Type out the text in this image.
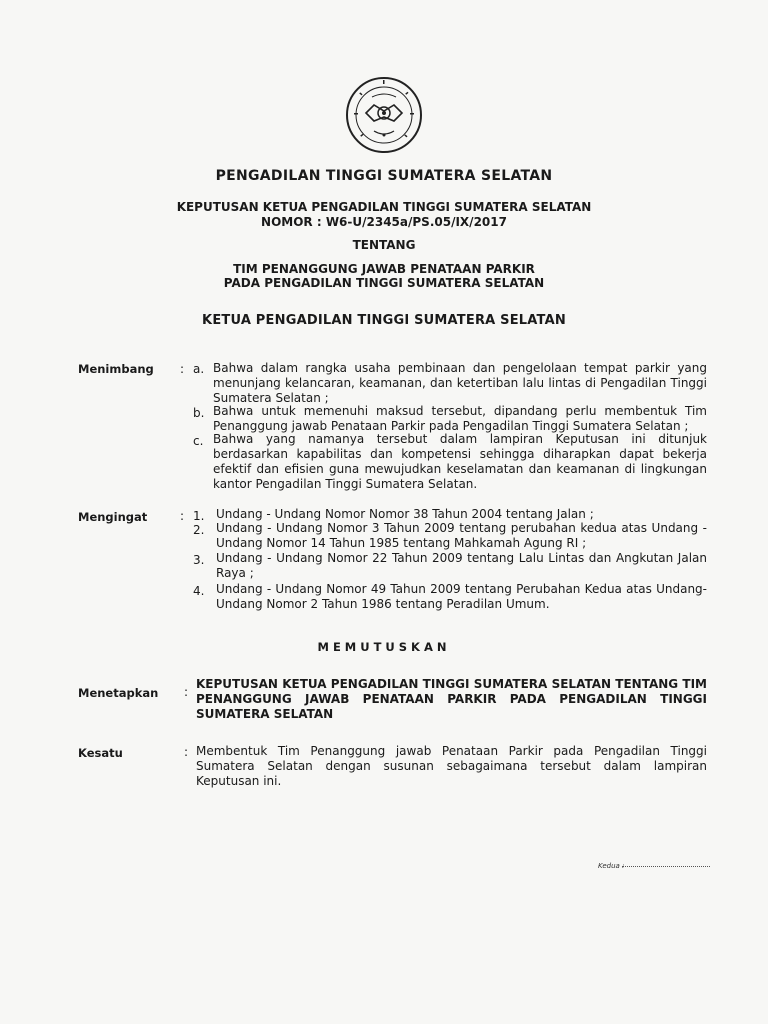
PENGADILAN TINGGI SUMATERA SELATAN
KEPUTUSAN KETUA PENGADILAN TINGGI SUMATERA SELATAN
NOMOR : W6-U/2345a/PS.05/IX/2017
TENTANG
TIM PENANGGUNG JAWAB PENATAAN PARKIR
PADA PENGADILAN TINGGI SUMATERA SELATAN
KETUA PENGADILAN TINGGI SUMATERA SELATAN
Menimbang : a. Bahwa dalam rangka usaha pembinaan dan pengelolaan tempat parkir yang menunjang kelancaran, keamanan, dan ketertiban lalu lintas di Pengadilan Tinggi Sumatera Selatan ;
b. Bahwa untuk memenuhi maksud tersebut, dipandang perlu membentuk Tim Penanggung jawab Penataan Parkir pada Pengadilan Tinggi Sumatera Selatan ;
c. Bahwa yang namanya tersebut dalam lampiran Keputusan ini ditunjuk berdasarkan kapabilitas dan kompetensi sehingga diharapkan dapat bekerja efektif dan efisien guna mewujudkan keselamatan dan keamanan di lingkungan kantor Pengadilan Tinggi Sumatera Selatan.
Mengingat	: 1. Undang - Undang Nomor Nomor 38 Tahun 2004 tentang Jalan ;
2. Undang - Undang Nomor 3 Tahun 2009 tentang perubahan kedua atas Undang - Undang Nomor 14 Tahun 1985 tentang Mahkamah Agung RI ;
3. Undang - Undang Nomor 22 Tahun 2009 tentang Lalu Lintas dan Angkutan Jalan Raya ;
4. Undang - Undang Nomor 49 Tahun 2009 tentang Perubahan Kedua atas Undang-Undang Nomor 2 Tahun 1986 tentang Peradilan Umum.
MEMUTUSKAN
Menetapkan :
KEPUTUSAN KETUA PENGADILAN TINGGI SUMATERA SELATAN TENTANG TIM PENANGGUNG JAWAB PENATAAN PARKIR PADA PENGADILAN TINGGI SUMATERA SELATAN
Kesatu	: Membentuk Tim Penanggung jawab Penataan Parkir pada Pengadilan Tinggi Sumatera Selatan dengan susunan sebagaimana tersebut dalam lampiran Keputusan ini.
Kedua :
